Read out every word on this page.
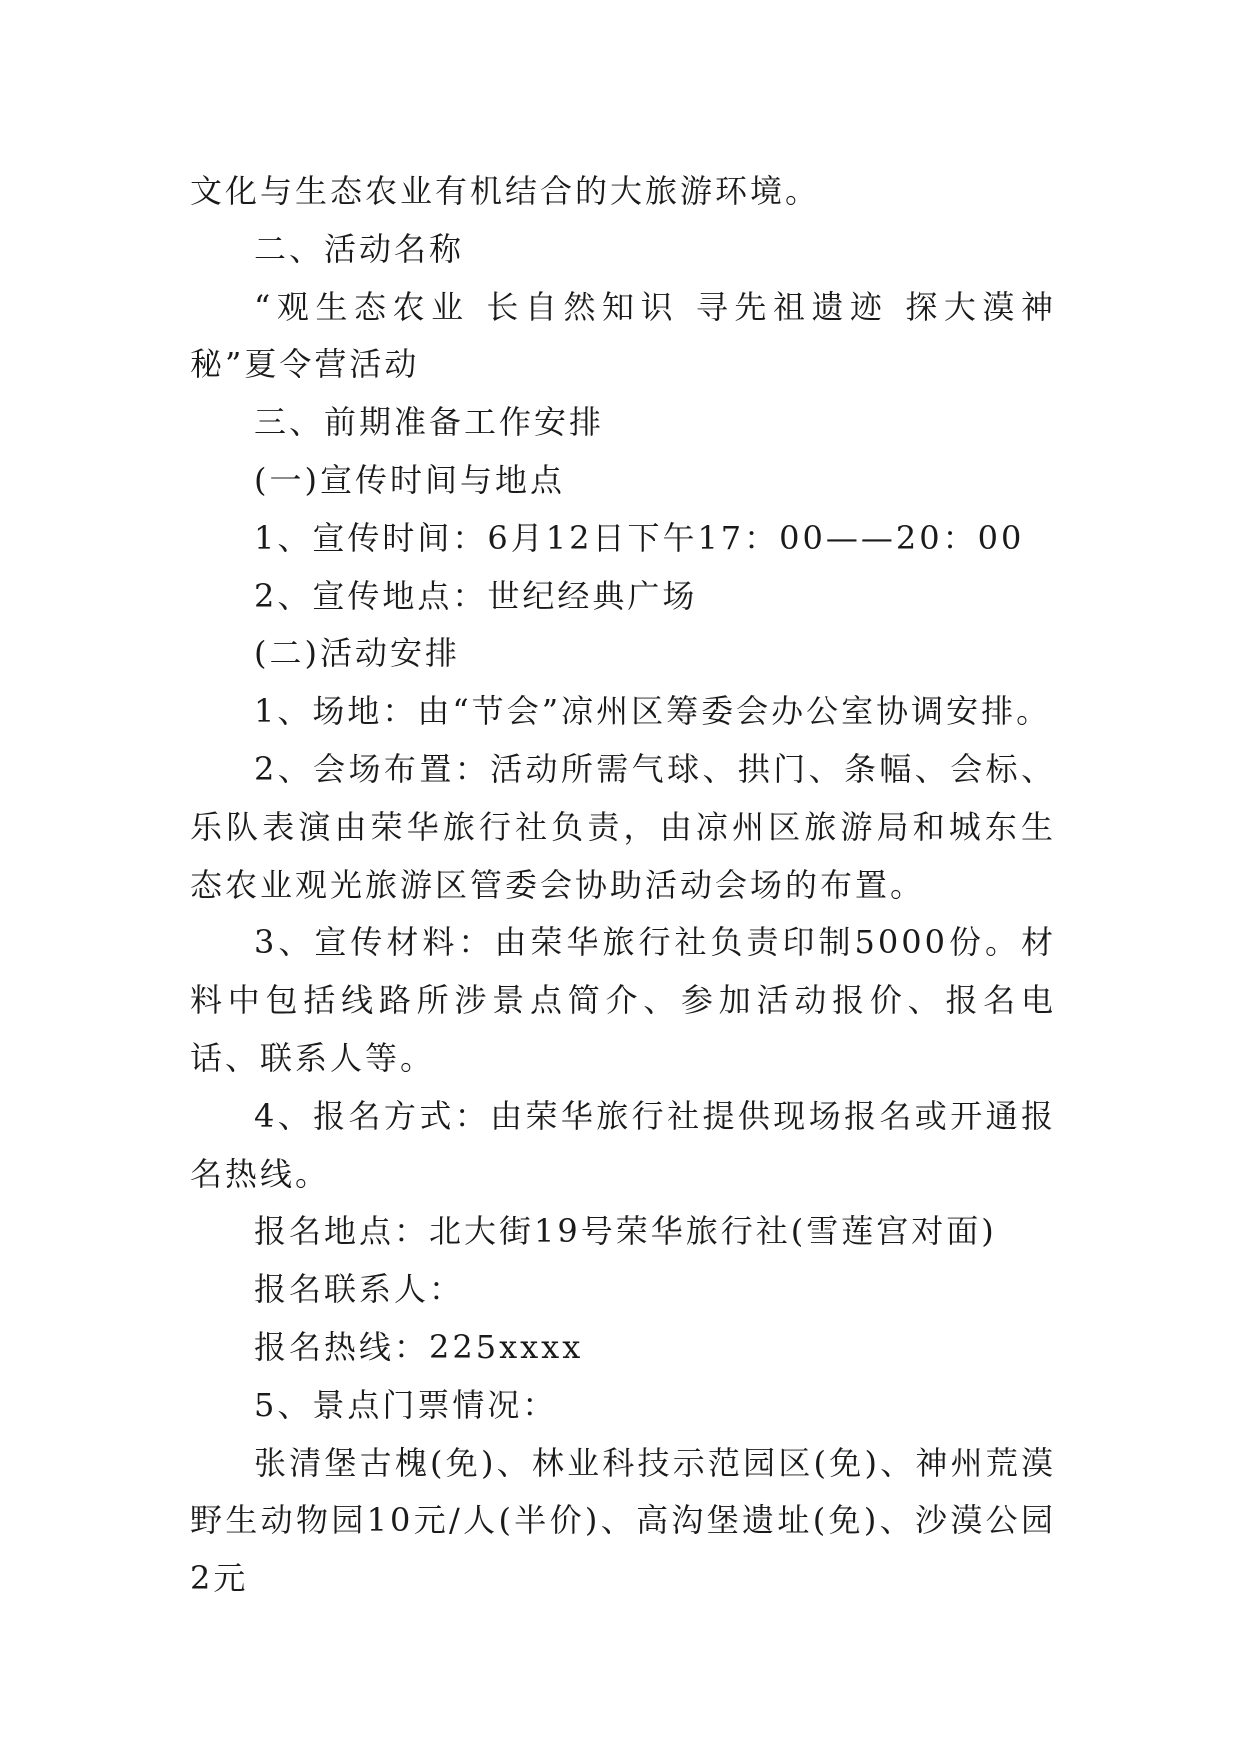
文化与生态农业有机结合的大旅游环境。

二、活动名称

“观生态农业 长自然知识 寻先祖遗迹 探大漠神秘”夏令营活动

三、前期准备工作安排

(一)宣传时间与地点

1、宣传时间：6月12日下午17：00——20：00

2、宣传地点：世纪经典广场

(二)活动安排

1、场地：由“节会”凉州区筹委会办公室协调安排。

2、会场布置：活动所需气球、拱门、条幅、会标、乐队表演由荣华旅行社负责，由凉州区旅游局和城东生态农业观光旅游区管委会协助活动会场的布置。

3、宣传材料：由荣华旅行社负责印制5000份。材料中包括线路所涉景点简介、参加活动报价、报名电话、联系人等。

4、报名方式：由荣华旅行社提供现场报名或开通报名热线。

报名地点：北大街19号荣华旅行社(雪莲宫对面)

报名联系人：

报名热线：225xxxx

5、景点门票情况：

张清堡古槐(免)、林业科技示范园区(免)、神州荒漠野生动物园10元/人(半价)、高沟堡遗址(免)、沙漠公园2元
